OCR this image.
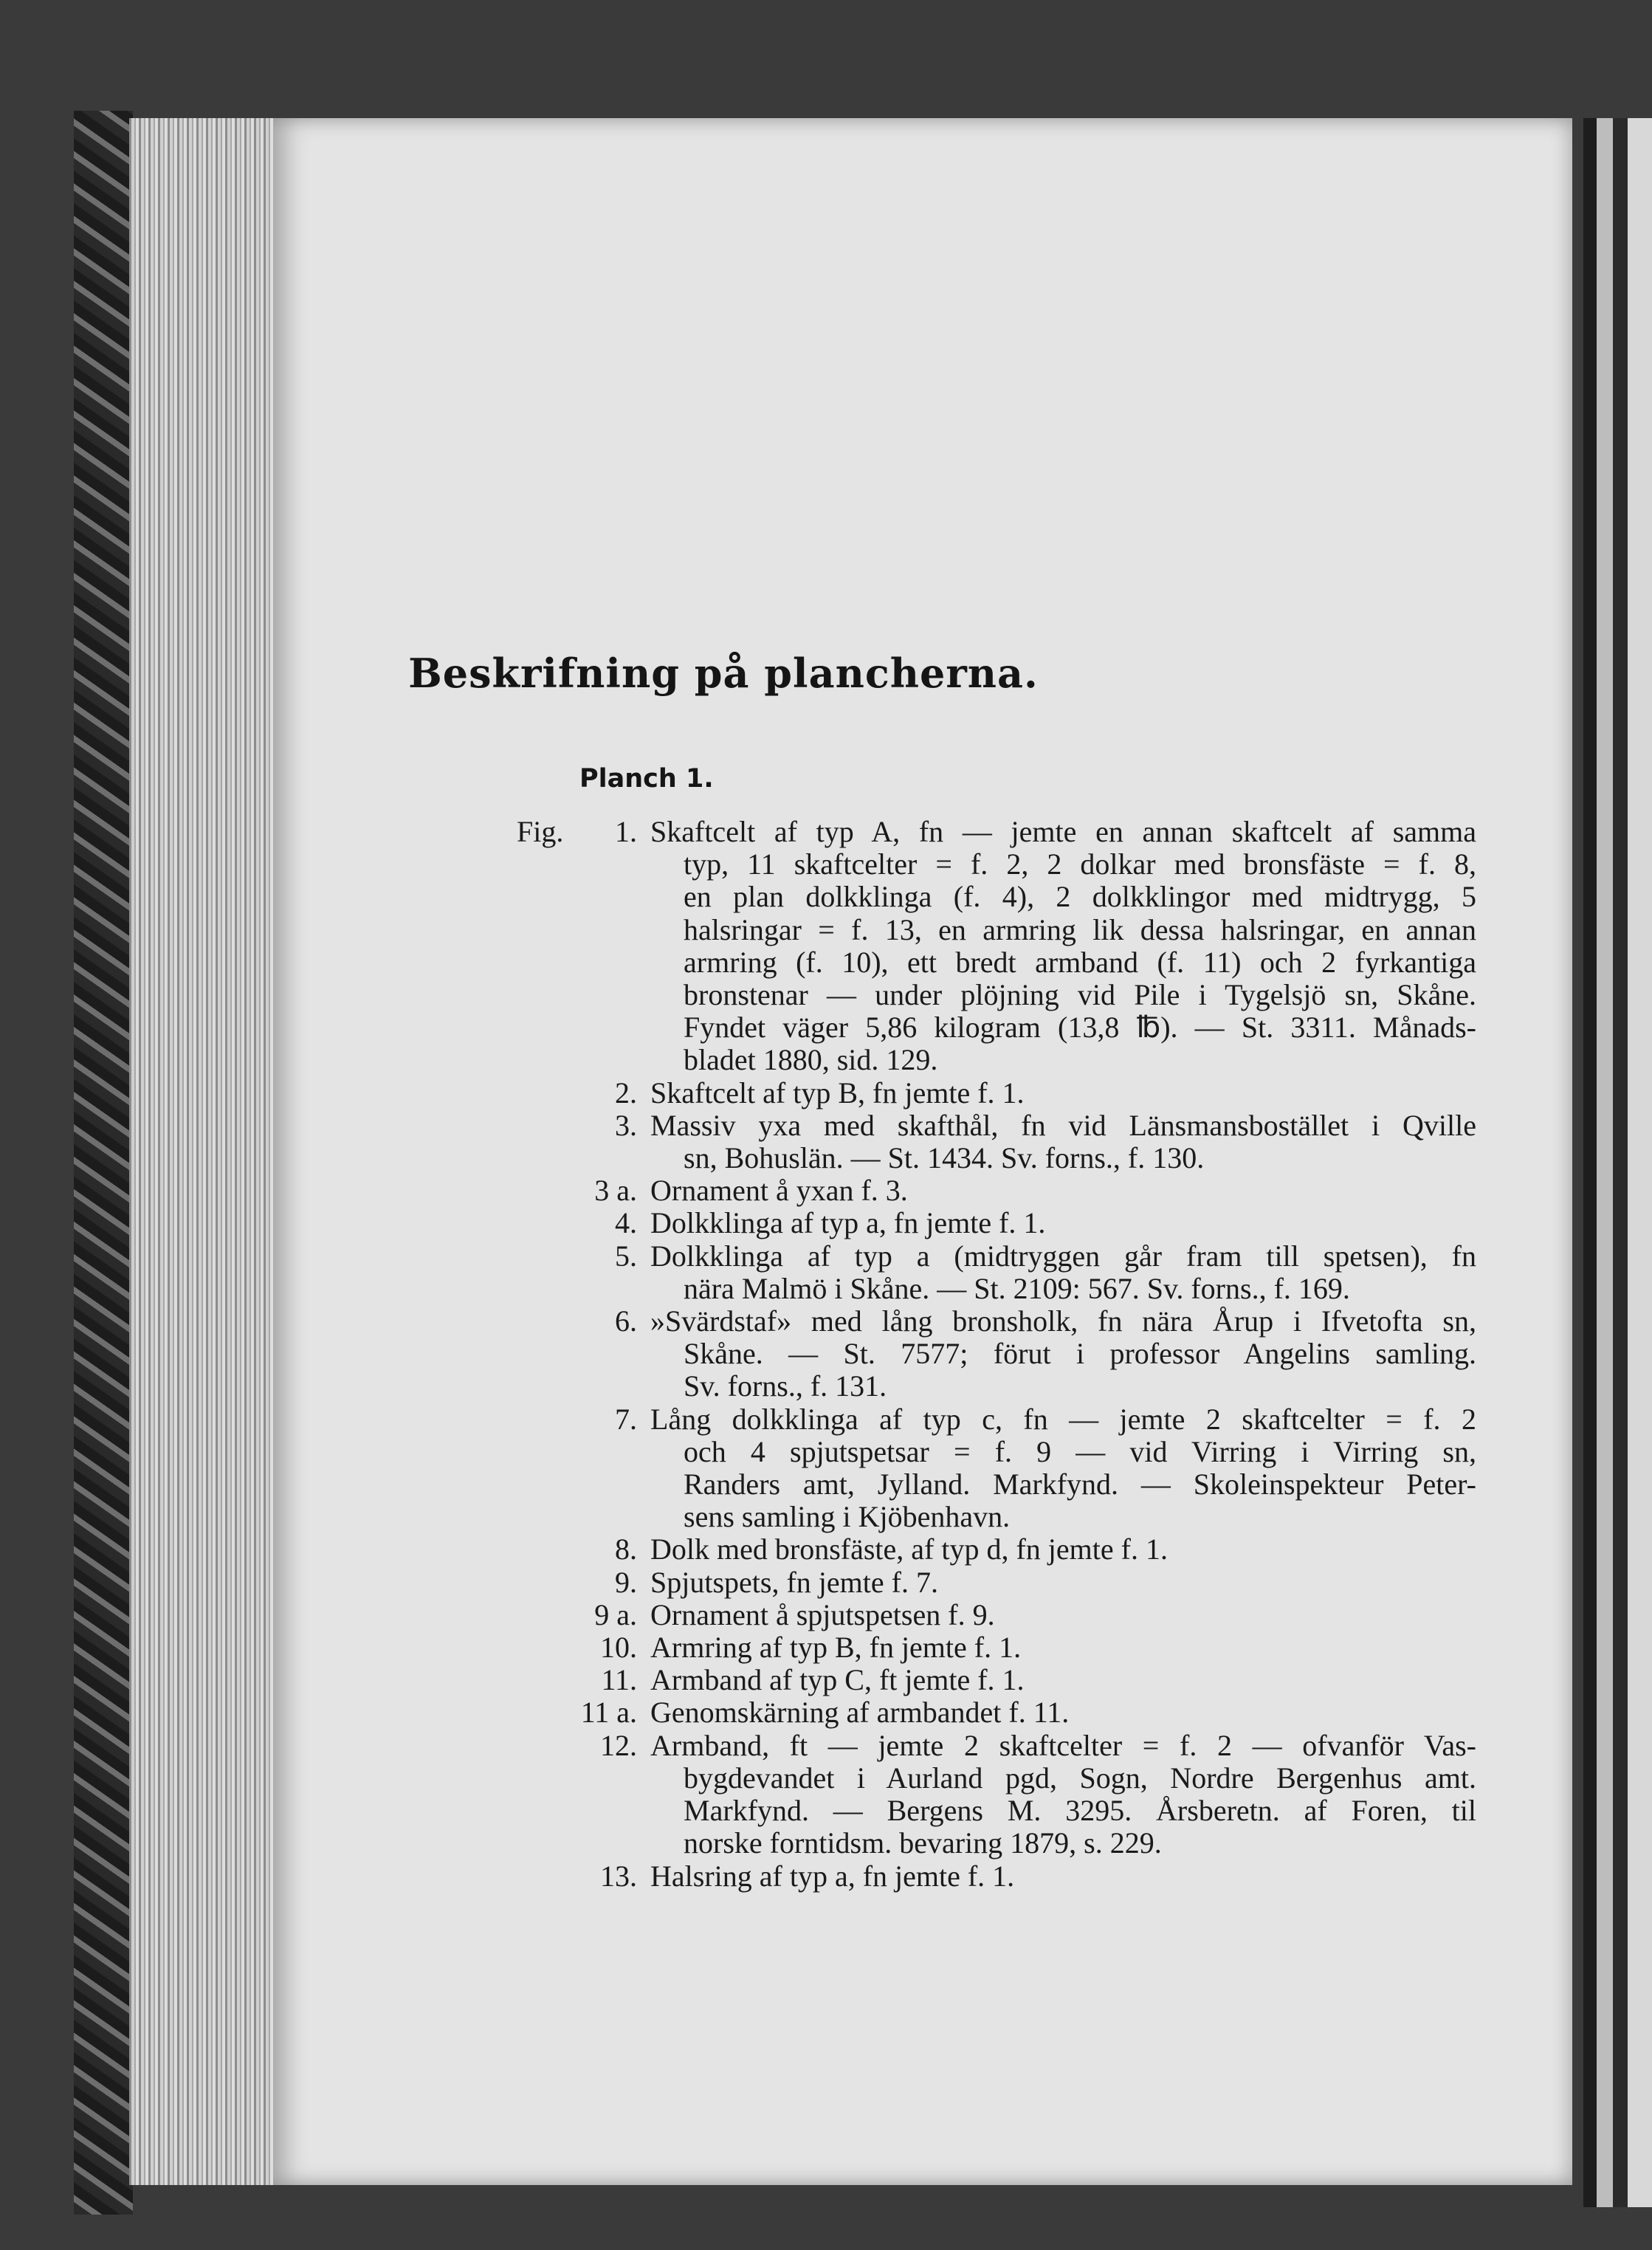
Beskrifning på plancherna.
Planch 1.
Fig. 1. Skaftcelt af typ A, fn — jemte en annan skaftcelt af samma
typ, 11 skaftcelter = f. 2, 2 dolkar med bronsfäste = f. 8,
en plan dolkklinga (f. 4), 2 dolkklingor med midtrygg, 5
halsringar = f. 13, en armring lik dessa halsringar, en annan
armring (f. 10), ett bredt armband (f. 11) och 2 fyrkantiga
bronstenar — under plöjning vid Pile i Tygelsjö sn, Skåne.
Fyndet väger 5,86 kilogram (13,8 ℔). — St. 3311. Månads-
bladet 1880, sid. 129.
2. Skaftcelt af typ B, fn jemte f. 1.
3. Massiv yxa med skafthål, fn vid Länsmansbostället i Qville
sn, Bohuslän. — St. 1434. Sv. forns., f. 130.
3 a. Ornament å yxan f. 3.
4. Dolkklinga af typ a, fn jemte f. 1.
5. Dolkklinga af typ a (midtryggen går fram till spetsen), fn
nära Malmö i Skåne. — St. 2109: 567. Sv. forns., f. 169.
6. »Svärdstaf» med lång bronsholk, fn nära Årup i Ifvetofta sn,
Skåne. — St. 7577; förut i professor Angelins samling.
Sv. forns., f. 131.
7. Lång dolkklinga af typ c, fn — jemte 2 skaftcelter = f. 2
och 4 spjutspetsar = f. 9 — vid Virring i Virring sn,
Randers amt, Jylland. Markfynd. — Skoleinspekteur Peter-
sens samling i Kjöbenhavn.
8. Dolk med bronsfäste, af typ d, fn jemte f. 1.
9. Spjutspets, fn jemte f. 7.
9 a. Ornament å spjutspetsen f. 9.
10. Armring af typ B, fn jemte f. 1.
11. Armband af typ C, ft jemte f. 1.
11 a. Genomskärning af armbandet f. 11.
12. Armband, ft — jemte 2 skaftcelter = f. 2 — ofvanför Vas-
bygdevandet i Aurland pgd, Sogn, Nordre Bergenhus amt.
Markfynd. — Bergens M. 3295. Årsberetn. af Foren, til
norske forntidsm. bevaring 1879, s. 229.
13. Halsring af typ a, fn jemte f. 1.
